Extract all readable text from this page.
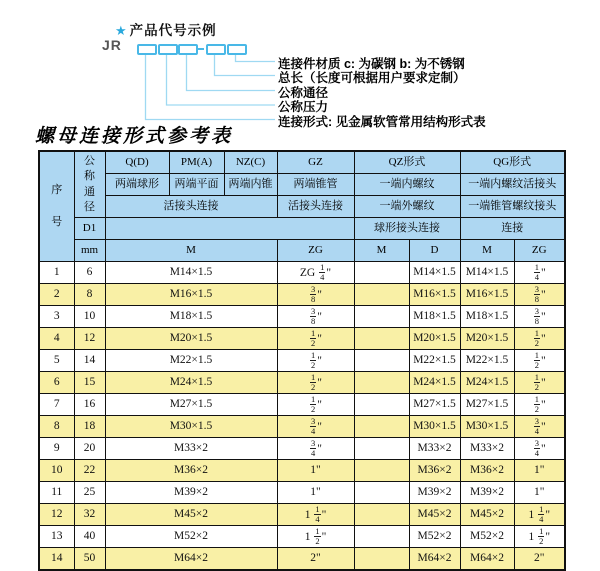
★ 产品代号示例
JR
连接件材质 c: 为碳钢 b: 为不锈钢
总长（长度可根据用户要求定制）
公称通径
公称压力
连接形式: 见金属软管常用结构形式表
螺母连接形式参考表
序
号	公
称
通
径	Q(D)	PM(A)	NZ(C)	GZ	QZ形式		QG形式	
		两端球形	两端平面	两端内锥	两端锥管	一端内螺纹		一端内螺纹活接头	
		活接头连接			活接头连接	一端外螺纹		一端锥管螺纹接头	
	D1					球形接头连接		连接	
	mm	M			ZG	M	D	M	ZG
1	6	M14×1.5			ZG $\frac{1}{4}$ "		M14×1.5	M14×1.5	$\frac{1}{4}$ "
2	8	M16×1.5			$\frac{3}{8}$ "		M16×1.5	M16×1.5	$\frac{3}{8}$ "
3	10	M18×1.5			$\frac{3}{8}$ "		M18×1.5	M18×1.5	$\frac{3}{8}$ "
4	12	M20×1.5			$\frac{1}{2}$ "		M20×1.5	M20×1.5	$\frac{1}{2}$ "
5	14	M22×1.5			$\frac{1}{2}$ "		M22×1.5	M22×1.5	$\frac{1}{2}$ "
6	15	M24×1.5			$\frac{1}{2}$ "		M24×1.5	M24×1.5	$\frac{1}{2}$ "
7	16	M27×1.5			$\frac{1}{2}$ "		M27×1.5	M27×1.5	$\frac{1}{2}$ "
8	18	M30×1.5			$\frac{3}{4}$ "		M30×1.5	M30×1.5	$\frac{3}{4}$ "
9	20	M33×2			$\frac{3}{4}$ "		M33×2	M33×2	$\frac{3}{4}$ "
10	22	M36×2			1"		M36×2	M36×2	1"
11	25	M39×2			1"		M39×2	M39×2	1"
12	32	M45×2			$1 \frac{1}{4}$ "		M45×2	M45×2	$1 \frac{1}{4}$ "
13	40	M52×2			$1 \frac{1}{2}$ "		M52×2	M52×2	$1 \frac{1}{2}$ "
14	50	M64×2			2"		M64×2	M64×2	2"
